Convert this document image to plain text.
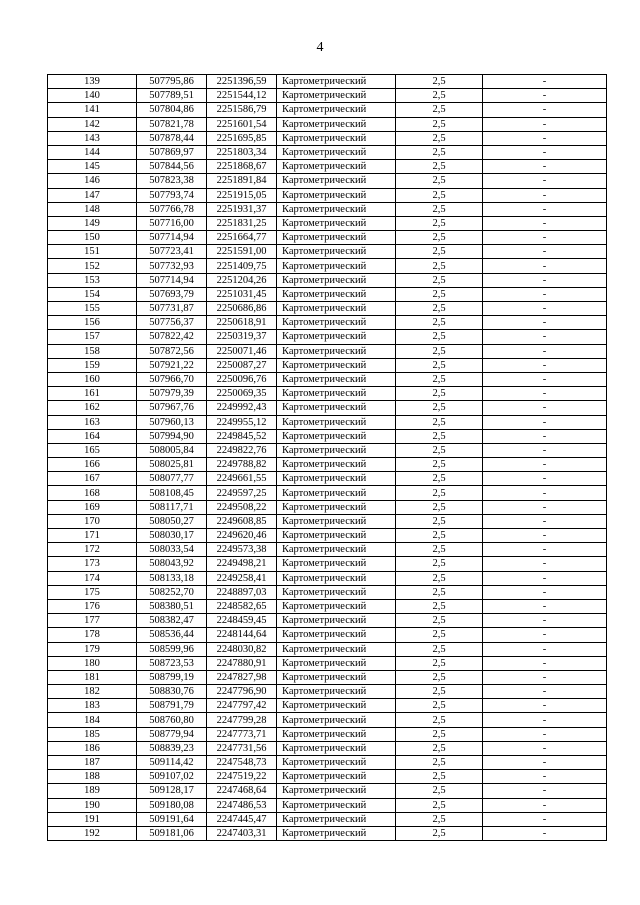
4
139	507795,86	2251396,59	Картометрический	2,5	-
140	507789,51	2251544,12	Картометрический	2,5	-
141	507804,86	2251586,79	Картометрический	2,5	-
142	507821,78	2251601,54	Картометрический	2,5	-
143	507878,44	2251695,85	Картометрический	2,5	-
144	507869,97	2251803,34	Картометрический	2,5	-
145	507844,56	2251868,67	Картометрический	2,5	-
146	507823,38	2251891,84	Картометрический	2,5	-
147	507793,74	2251915,05	Картометрический	2,5	-
148	507766,78	2251931,37	Картометрический	2,5	-
149	507716,00	2251831,25	Картометрический	2,5	-
150	507714,94	2251664,77	Картометрический	2,5	-
151	507723,41	2251591,00	Картометрический	2,5	-
152	507732,93	2251409,75	Картометрический	2,5	-
153	507714,94	2251204,26	Картометрический	2,5	-
154	507693,79	2251031,45	Картометрический	2,5	-
155	507731,87	2250686,86	Картометрический	2,5	-
156	507756,37	2250618,91	Картометрический	2,5	-
157	507822,42	2250319,37	Картометрический	2,5	-
158	507872,56	2250071,46	Картометрический	2,5	-
159	507921,22	2250087,27	Картометрический	2,5	-
160	507966,70	2250096,76	Картометрический	2,5	-
161	507979,39	2250069,35	Картометрический	2,5	-
162	507967,76	2249992,43	Картометрический	2,5	-
163	507960,13	2249955,12	Картометрический	2,5	-
164	507994,90	2249845,52	Картометрический	2,5	-
165	508005,84	2249822,76	Картометрический	2,5	-
166	508025,81	2249788,82	Картометрический	2,5	-
167	508077,77	2249661,55	Картометрический	2,5	-
168	508108,45	2249597,25	Картометрический	2,5	-
169	508117,71	2249508,22	Картометрический	2,5	-
170	508050,27	2249608,85	Картометрический	2,5	-
171	508030,17	2249620,46	Картометрический	2,5	-
172	508033,54	2249573,38	Картометрический	2,5	-
173	508043,92	2249498,21	Картометрический	2,5	-
174	508133,18	2249258,41	Картометрический	2,5	-
175	508252,70	2248897,03	Картометрический	2,5	-
176	508380,51	2248582,65	Картометрический	2,5	-
177	508382,47	2248459,45	Картометрический	2,5	-
178	508536,44	2248144,64	Картометрический	2,5	-
179	508599,96	2248030,82	Картометрический	2,5	-
180	508723,53	2247880,91	Картометрический	2,5	-
181	508799,19	2247827,98	Картометрический	2,5	-
182	508830,76	2247796,90	Картометрический	2,5	-
183	508791,79	2247797,42	Картометрический	2,5	-
184	508760,80	2247799,28	Картометрический	2,5	-
185	508779,94	2247773,71	Картометрический	2,5	-
186	508839,23	2247731,56	Картометрический	2,5	-
187	509114,42	2247548,73	Картометрический	2,5	-
188	509107,02	2247519,22	Картометрический	2,5	-
189	509128,17	2247468,64	Картометрический	2,5	-
190	509180,08	2247486,53	Картометрический	2,5	-
191	509191,64	2247445,47	Картометрический	2,5	-
192	509181,06	2247403,31	Картометрический	2,5	-
